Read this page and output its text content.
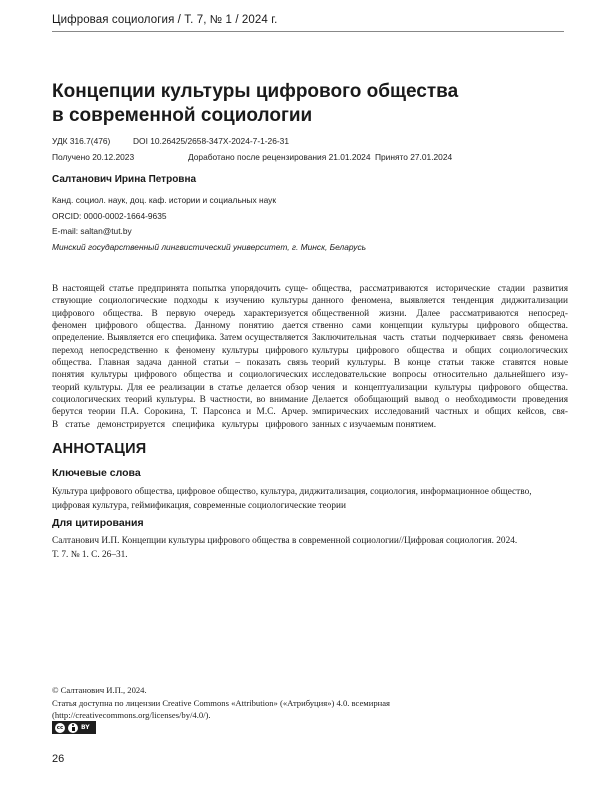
Цифровая социология / Т. 7, № 1 / 2024 г.
Концепции культуры цифрового общества
в современной социологии
УДК 316.7(476)	DOI 10.26425/2658-347X-2024-7-1-26-31
Получено 20.12.2023	Доработано после рецензирования 21.01.2024 Принято 27.01.2024
Салтанович Ирина Петровна
Канд. социол. наук, доц. каф. истории и социальных наук
ORCID: 0000-0002-1664-9635
E-mail: saltan@tut.by
Минский государственный лингвистический университет, г. Минск, Беларусь
В настоящей статье предпринята попытка упорядочить суще-
ствующие социологические подходы к изучению культуры
цифрового общества. В первую очередь характеризуется
феномен цифрового общества. Данному понятию дается
определение. Выявляется его специфика. Затем осуществляется
переход непосредственно к феномену культуры цифрового
общества. Главная задача данной статьи – показать связь
понятия культуры цифрового общества и социологических
теорий культуры. Для ее реализации в статье делается обзор
социологических теорий культуры. В частности, во внимание
берутся теории П.А. Сорокина, Т. Парсонса и М.С. Арчер.
В статье демонстрируется специфика культуры цифрового
общества, рассматриваются исторические стадии развития
данного феномена, выявляется тенденция диджитализации
общественной жизни. Далее рассматриваются непосред-
ственно сами концепции культуры цифрового общества.
Заключительная часть статьи подчеркивает связь феномена
культуры цифрового общества и общих социологических
теорий культуры. В конце статьи также ставятся новые
исследовательские вопросы относительно дальнейшего изу-
чения и концептуализации культуры цифрового общества.
Делается обобщающий вывод о необходимости проведения
эмпирических исследований частных и общих кейсов, свя-
занных с изучаемым понятием.
АННОТАЦИЯ
Ключевые слова
Культура цифрового общества, цифровое общество, культура, диджитализация, социология, информационное общество,
цифровая культура, геймификация, современные социологические теории
Для цитирования
Салтанович И.П. Концепции культуры цифрового общества в современной социологии//Цифровая социология. 2024.
Т. 7. № 1. С. 26–31.
© Салтанович И.П., 2024.
Статья доступна по лицензии Creative Commons «Attribution» («Атрибуция») 4.0. всемирная
(http://creativecommons.org/licenses/by/4.0/).
cc	BY
26
